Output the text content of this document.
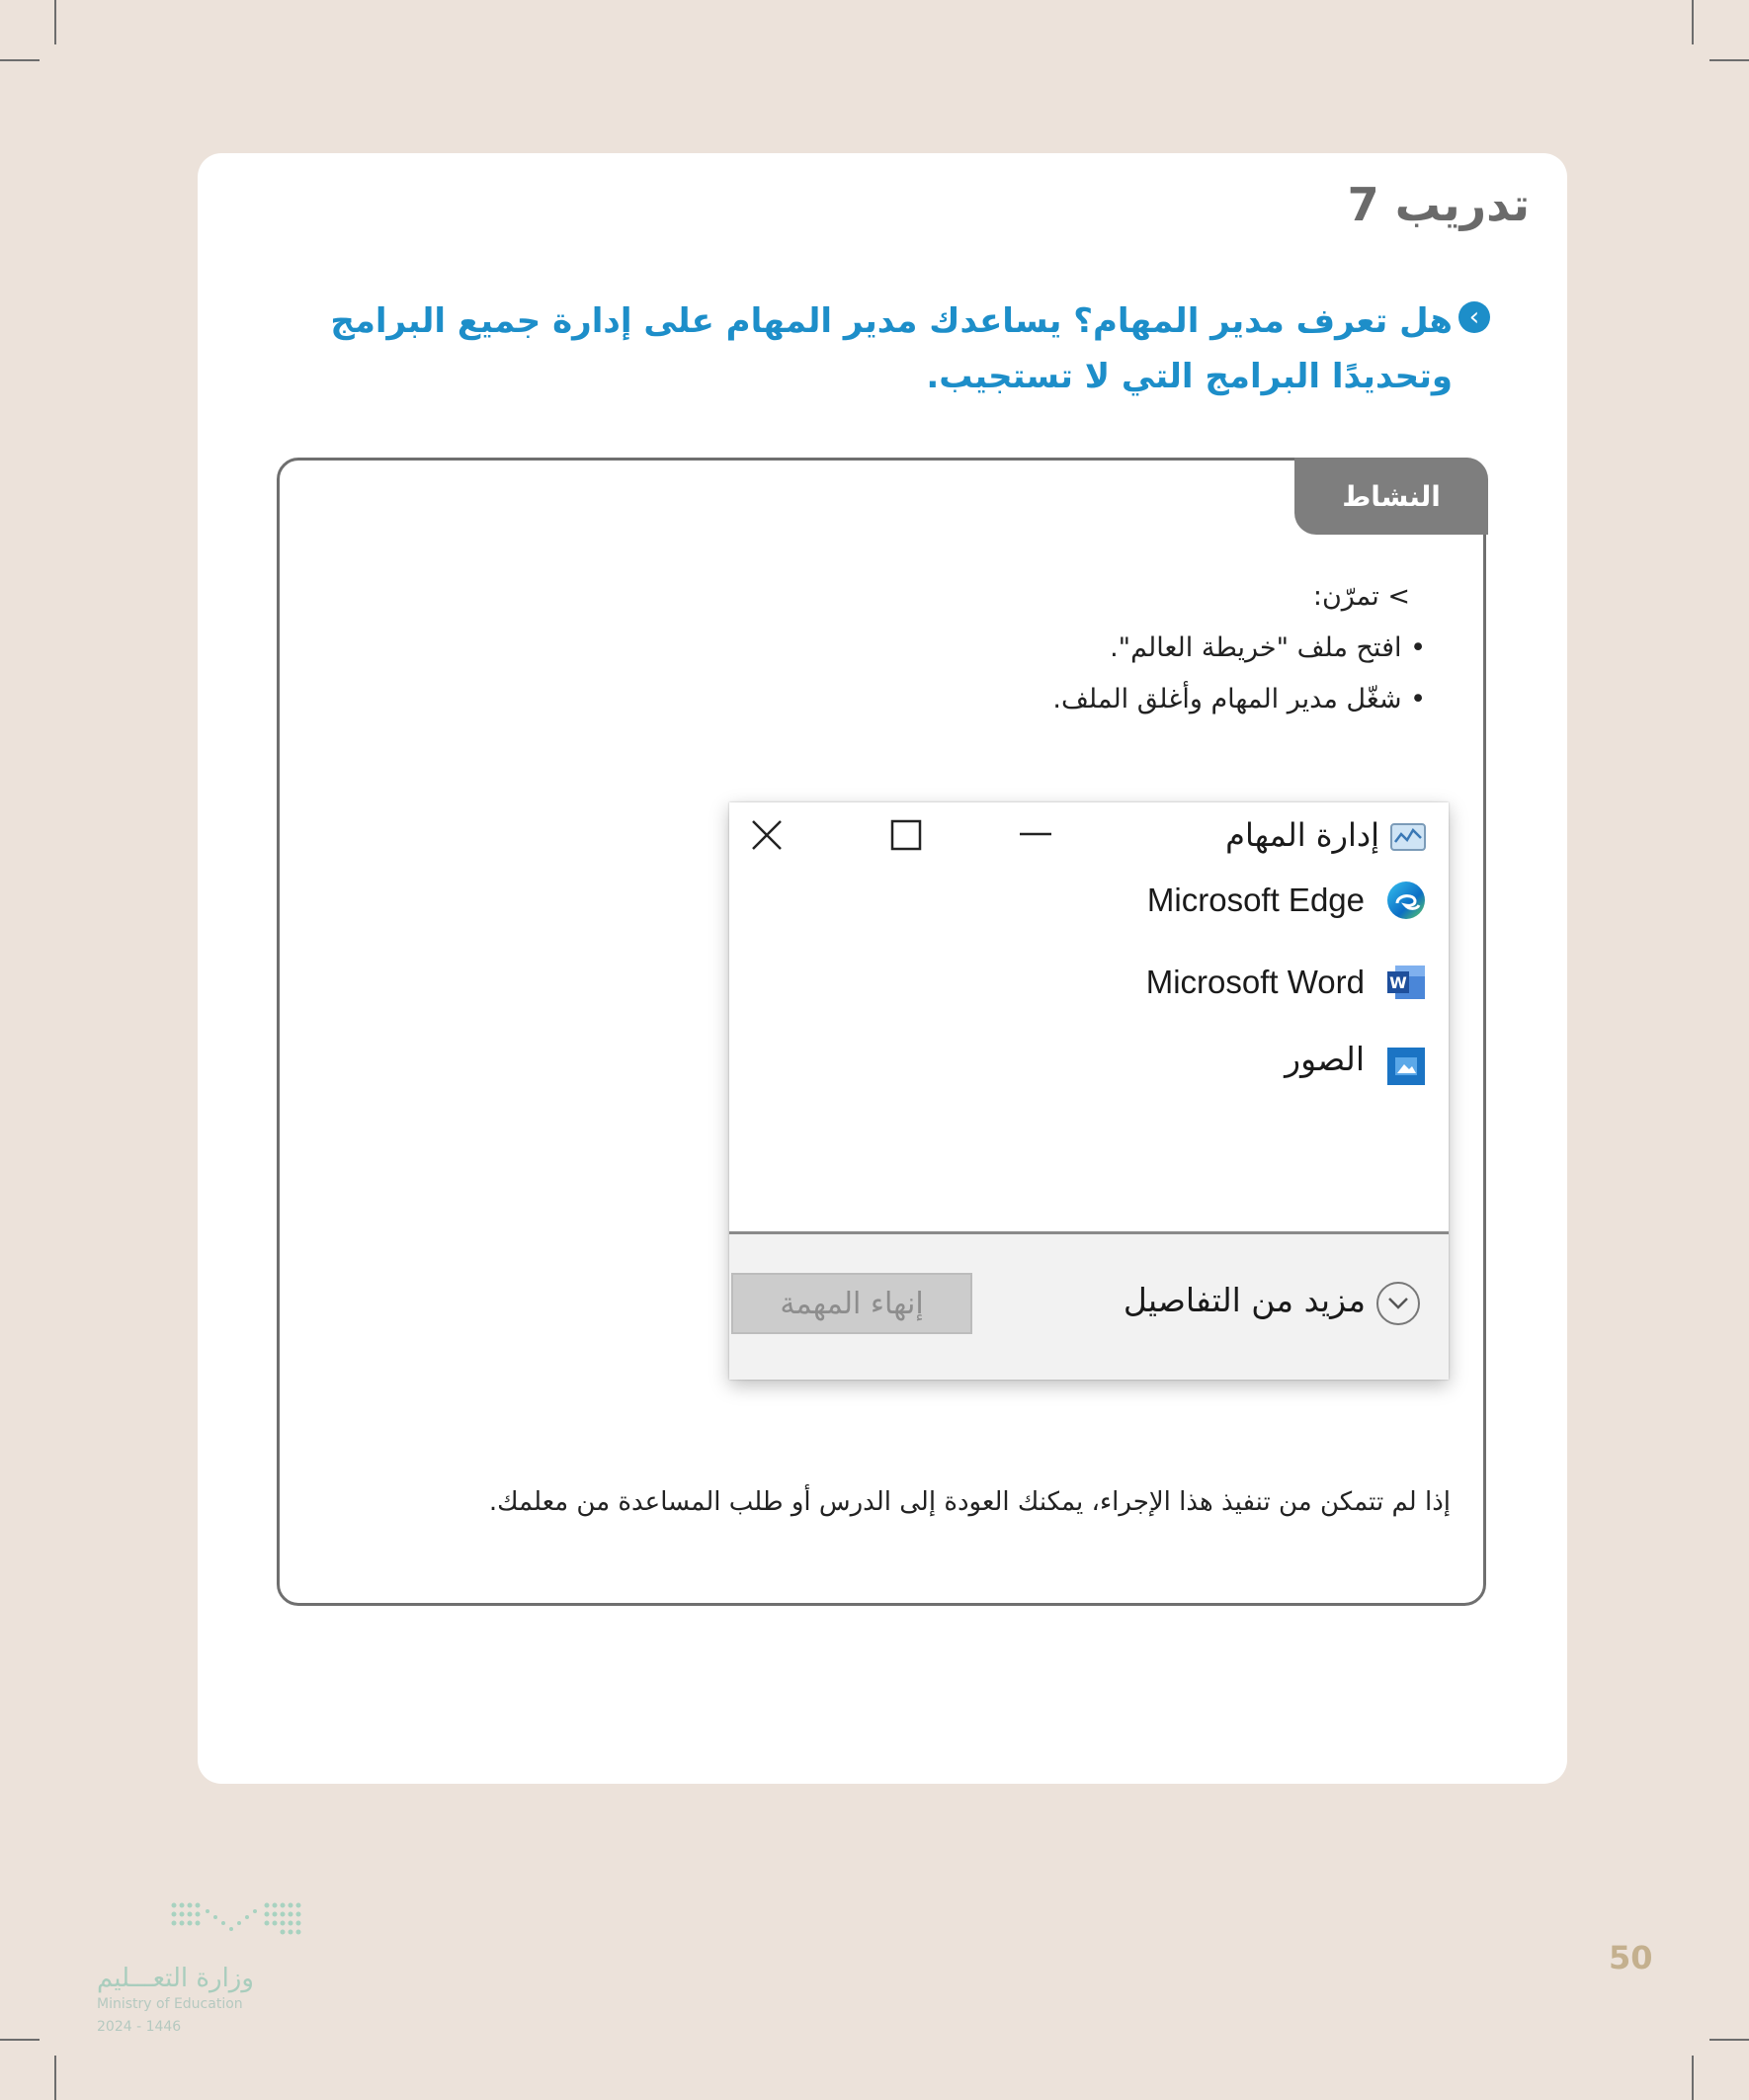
تدريب 7
‹
هل تعرف مدير المهام؟ يساعدك مدير المهام على إدارة جميع البرامج وتحديدًا البرامج التي لا تستجيب.
النشاط
> تمرّن:
• افتح ملف "خريطة العالم".
• شغّل مدير المهام وأغلق الملف.
إدارة المهام
Microsoft Edge
W
Microsoft Word
الصور
مزيد من التفاصيل
إنهاء المهمة
إذا لم تتمكن من تنفيذ هذا الإجراء، يمكنك العودة إلى الدرس أو طلب المساعدة من معلمك.
50
وزارة التعـــليم
Ministry of Education
2024 - 1446
